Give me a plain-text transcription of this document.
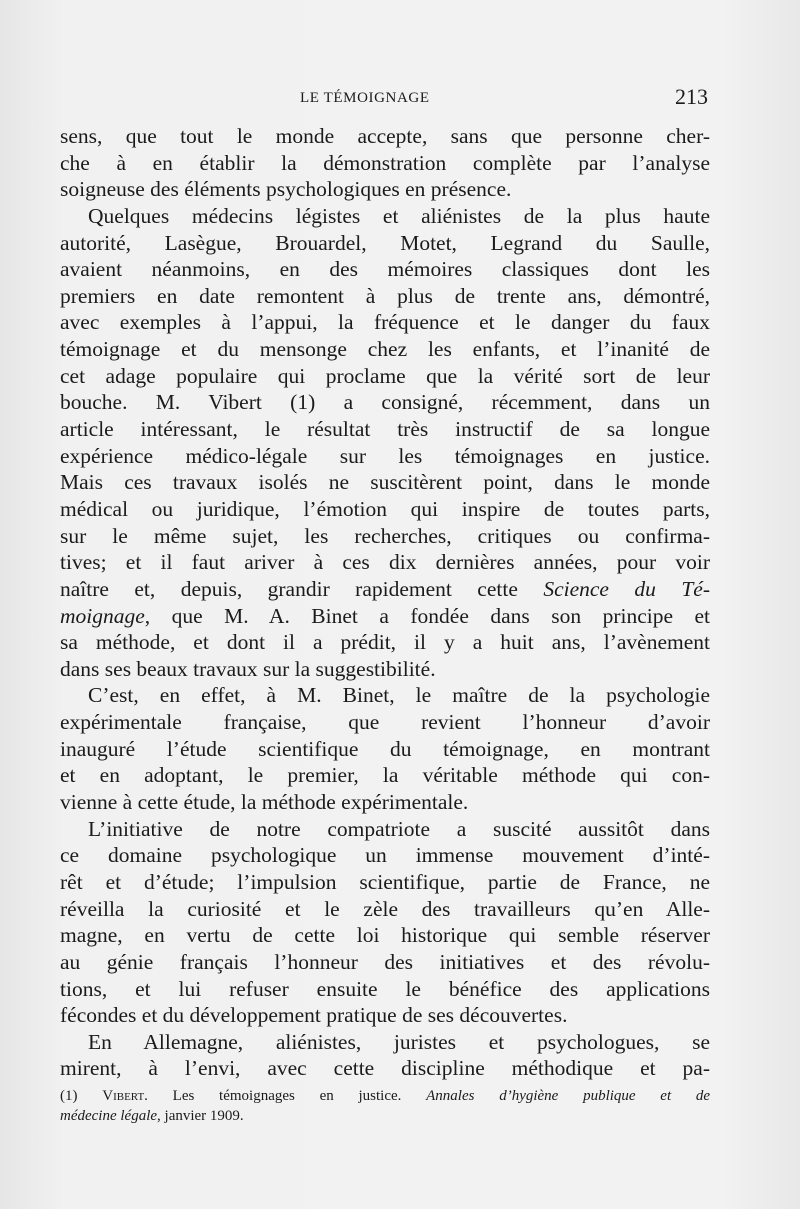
LE TÉMOIGNAGE	213
sens, que tout le monde accepte, sans que personne cher-
che à en établir la démonstration complète par l’analyse
soigneuse des éléments psychologiques en présence.
Quelques médecins légistes et aliénistes de la plus haute
autorité, Lasègue, Brouardel, Motet, Legrand du Saulle,
avaient néanmoins, en des mémoires classiques dont les
premiers en date remontent à plus de trente ans, démontré,
avec exemples à l’appui, la fréquence et le danger du faux
témoignage et du mensonge chez les enfants, et l’inanité de
cet adage populaire qui proclame que la vérité sort de leur
bouche. M. Vibert (1) a consigné, récemment, dans un
article intéressant, le résultat très instructif de sa longue
expérience médico-légale sur les témoignages en justice.
Mais ces travaux isolés ne suscitèrent point, dans le monde
médical ou juridique, l’émotion qui inspire de toutes parts,
sur le même sujet, les recherches, critiques ou confirma-
tives; et il faut ariver à ces dix dernières années, pour voir
naître et, depuis, grandir rapidement cette Science du Té-
moignage, que M. A. Binet a fondée dans son principe et
sa méthode, et dont il a prédit, il y a huit ans, l’avènement
dans ses beaux travaux sur la suggestibilité.
C’est, en effet, à M. Binet, le maître de la psychologie
expérimentale française, que revient l’honneur d’avoir
inauguré l’étude scientifique du témoignage, en montrant
et en adoptant, le premier, la véritable méthode qui con-
vienne à cette étude, la méthode expérimentale.
L’initiative de notre compatriote a suscité aussitôt dans
ce domaine psychologique un immense mouvement d’inté-
rêt et d’étude; l’impulsion scientifique, partie de France, ne
réveilla la curiosité et le zèle des travailleurs qu’en Alle-
magne, en vertu de cette loi historique qui semble réserver
au génie français l’honneur des initiatives et des révolu-
tions, et lui refuser ensuite le bénéfice des applications
fécondes et du développement pratique de ses découvertes.
En Allemagne, aliénistes, juristes et psychologues, se
mirent, à l’envi, avec cette discipline méthodique et pa-
(1) Vibert. Les témoignages en justice. Annales d’hygiène publique et de
médecine légale, janvier 1909.
